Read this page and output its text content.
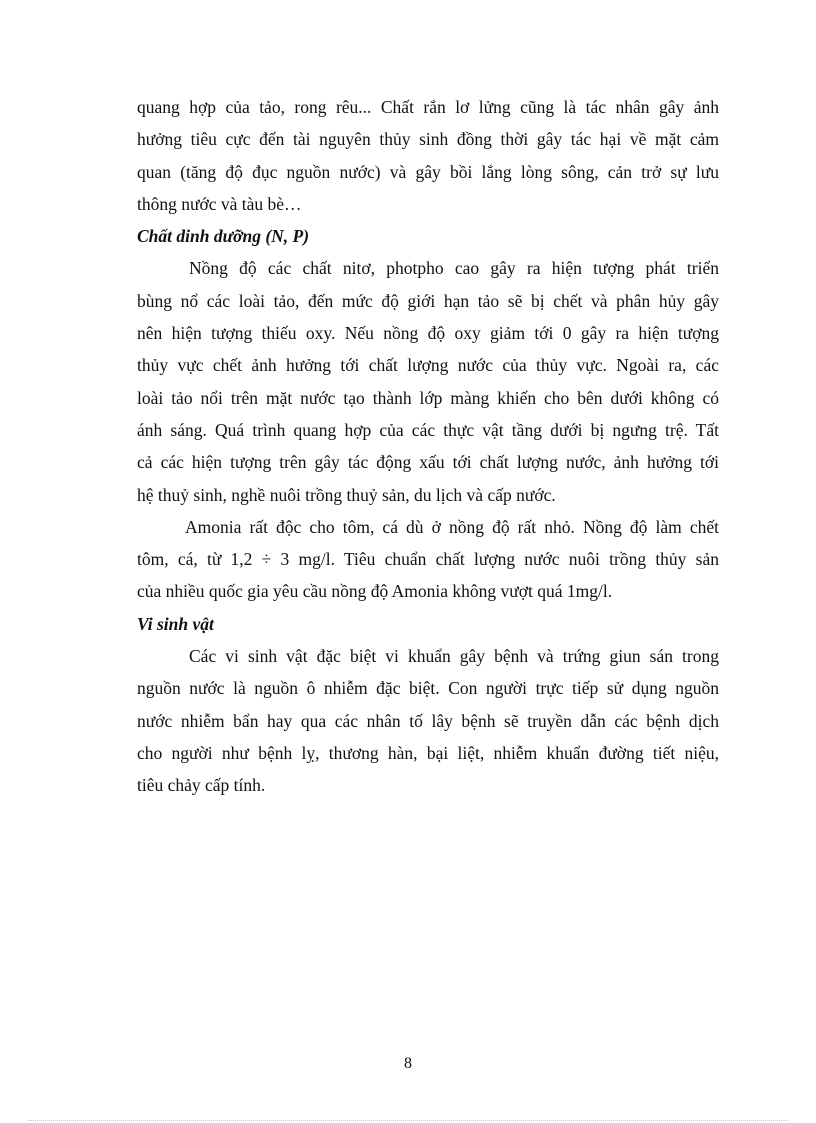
quang hợp của tảo, rong rêu... Chất rắn lơ lửng cũng là tác nhân gây ảnh
hưởng tiêu cực đến tài nguyên thủy sinh đồng thời gây tác hại về mặt cảm
quan (tăng độ đục nguồn nước) và gây bồi lắng lòng sông, cản trở sự lưu
thông nước và tàu bè…
Chất dinh dưỡng (N, P)
Nồng độ các chất nitơ, photpho cao gây ra hiện tượng phát triển
bùng nổ các loài tảo, đến mức độ giới hạn tảo sẽ bị chết và phân hủy gây
nên hiện tượng thiếu oxy. Nếu nồng độ oxy giảm tới 0 gây ra hiện tượng
thủy vực chết ảnh hưởng tới chất lượng nước của thủy vực. Ngoài ra, các
loài tảo nổi trên mặt nước tạo thành lớp màng khiến cho bên dưới không có
ánh sáng. Quá trình quang hợp của các thực vật tầng dưới bị ngưng trệ. Tất
cả các hiện tượng trên gây tác động xấu tới chất lượng nước, ảnh hưởng tới
hệ thuỷ sinh, nghề nuôi trồng thuỷ sản, du lịch và cấp nước.
Amonia rất độc cho tôm, cá dù ở nồng độ rất nhỏ. Nồng độ làm chết
tôm, cá, từ 1,2 ÷ 3 mg/l. Tiêu chuẩn chất lượng nước nuôi trồng thủy sản
của nhiều quốc gia yêu cầu nồng độ Amonia không vượt quá 1mg/l.
Vi sinh vật
Các vi sinh vật đặc biệt vi khuẩn gây bệnh và trứng giun sán trong
nguồn nước là nguồn ô nhiễm đặc biệt. Con người trực tiếp sử dụng nguồn
nước nhiễm bẩn hay qua các nhân tố lây bệnh sẽ truyền dẫn các bệnh dịch
cho người như bệnh lỵ, thương hàn, bại liệt, nhiễm khuẩn đường tiết niệu,
tiêu chảy cấp tính.
8
